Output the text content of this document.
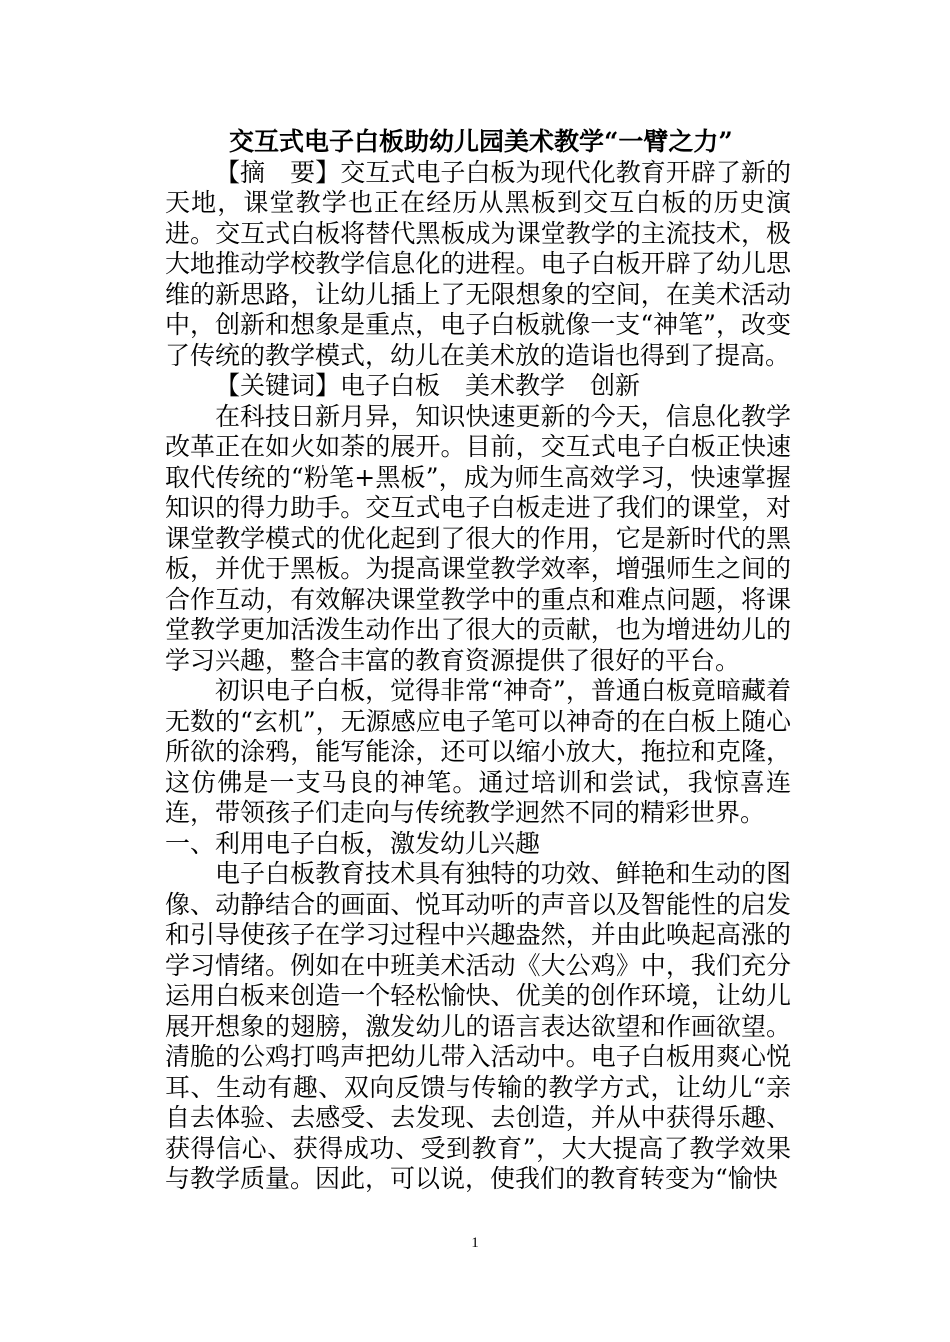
交互式电子白板助幼儿园美术教学“一臂之力”

【摘　要】交互式电子白板为现代化教育开辟了新的天地，课堂教学也正在经历从黑板到交互白板的历史演进。交互式白板将替代黑板成为课堂教学的主流技术，极大地推动学校教学信息化的进程。电子白板开辟了幼儿思维的新思路，让幼儿插上了无限想象的空间，在美术活动中，创新和想象是重点，电子白板就像一支“神笔”，改变了传统的教学模式，幼儿在美术放的造诣也得到了提高。

【关键词】电子白板　美术教学　创新

在科技日新月异，知识快速更新的今天，信息化教学改革正在如火如荼的展开。目前，交互式电子白板正快速取代传统的“粉笔+黑板”，成为师生高效学习，快速掌握知识的得力助手。交互式电子白板走进了我们的课堂，对课堂教学模式的优化起到了很大的作用，它是新时代的黑板，并优于黑板。为提高课堂教学效率，增强师生之间的合作互动，有效解决课堂教学中的重点和难点问题，将课堂教学更加活泼生动作出了很大的贡献，也为增进幼儿的学习兴趣，整合丰富的教育资源提供了很好的平台。

初识电子白板，觉得非常“神奇”，普通白板竟暗藏着无数的“玄机”，无源感应电子笔可以神奇的在白板上随心所欲的涂鸦，能写能涂，还可以缩小放大，拖拉和克隆，这仿佛是一支马良的神笔。通过培训和尝试，我惊喜连连，带领孩子们走向与传统教学迥然不同的精彩世界。

一、利用电子白板，激发幼儿兴趣

电子白板教育技术具有独特的功效、鲜艳和生动的图像、动静结合的画面、悦耳动听的声音以及智能性的启发和引导使孩子在学习过程中兴趣盎然，并由此唤起高涨的学习情绪。例如在中班美术活动《大公鸡》中，我们充分运用白板来创造一个轻松愉快、优美的创作环境，让幼儿展开想象的翅膀，激发幼儿的语言表达欲望和作画欲望。清脆的公鸡打鸣声把幼儿带入活动中。电子白板用爽心悦耳、生动有趣、双向反馈与传输的教学方式，让幼儿“亲自去体验、去感受、去发现、去创造，并从中获得乐趣、获得信心、获得成功、受到教育”，大大提高了教学效果与教学质量。因此，可以说，使我们的教育转变为“愉快

1
